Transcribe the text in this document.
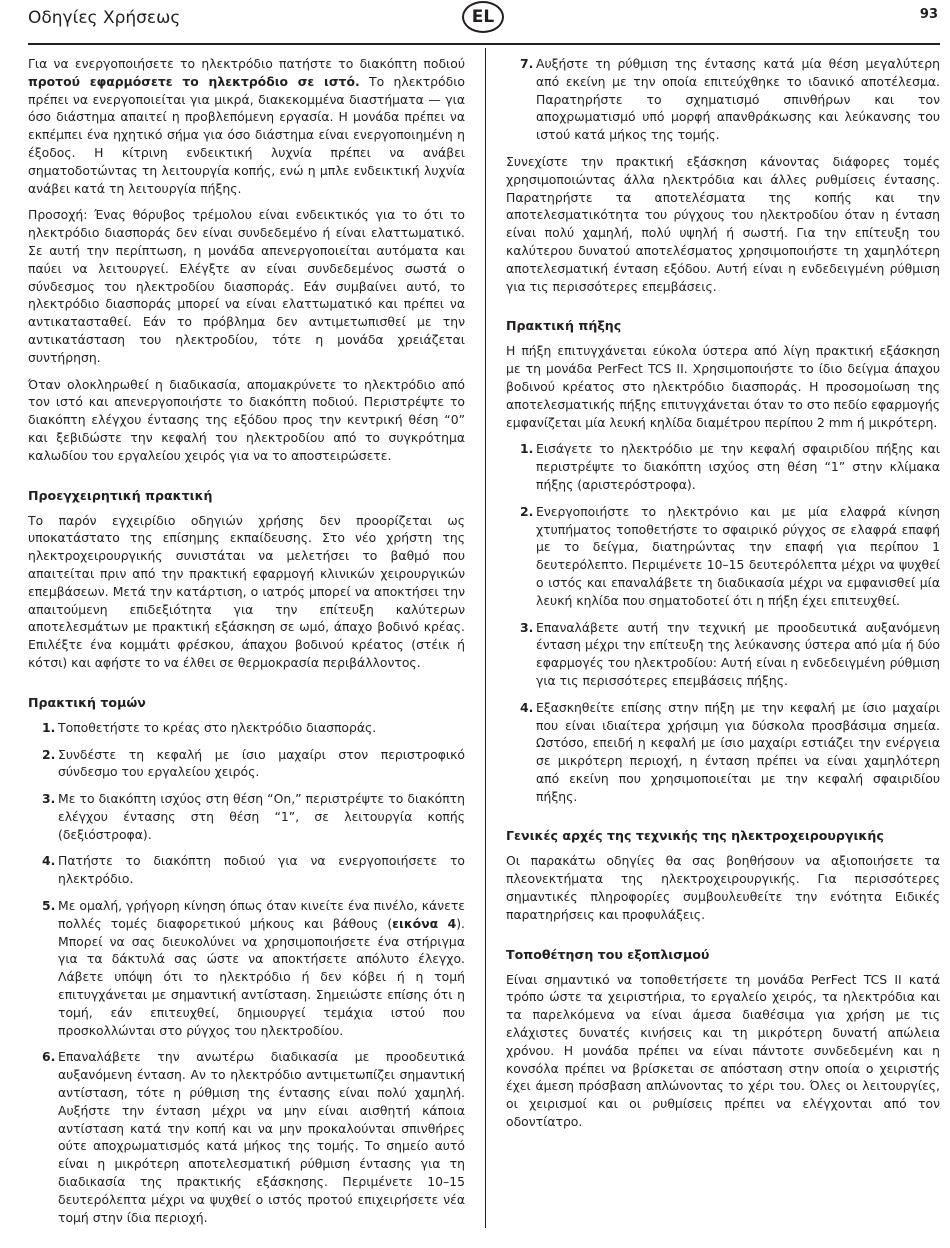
Οδηγίες Χρήσεως	EL	93

Για να ενεργοποιήσετε το ηλεκτρόδιο πατήστε το διακόπτη ποδιού προτού εφαρμόσετε το ηλεκτρόδιο σε ιστό. Το ηλεκτρόδιο πρέπει να ενεργοποιείται για μικρά, διακεκομμένα διαστήματα — για όσο διάστημα απαιτεί η προβλεπόμενη εργασία. Η μονάδα πρέπει να εκπέμπει ένα ηχητικό σήμα για όσο διάστημα είναι ενεργοποιημένη η έξοδος. Η κίτρινη ενδεικτική λυχνία πρέπει να ανάβει σηματοδοτώντας τη λειτουργία κοπής, ενώ η μπλε ενδεικτική λυχνία ανάβει κατά τη λειτουργία πήξης.

Προσοχή: Ένας θόρυβος τρέμολου είναι ενδεικτικός για το ότι το ηλεκτρόδιο διασποράς δεν είναι συνδεδεμένο ή είναι ελαττωματικό. Σε αυτή την περίπτωση, η μονάδα απενεργοποιείται αυτόματα και παύει να λειτουργεί. Ελέγξτε αν είναι συνδεδεμένος σωστά ο σύνδεσμος του ηλεκτροδίου διασποράς. Εάν συμβαίνει αυτό, το ηλεκτρόδιο διασποράς μπορεί να είναι ελαττωματικό και πρέπει να αντικατασταθεί. Εάν το πρόβλημα δεν αντιμετωπισθεί με την αντικατάσταση του ηλεκτροδίου, τότε η μονάδα χρειάζεται συντήρηση.

Όταν ολοκληρωθεί η διαδικασία, απομακρύνετε το ηλεκτρόδιο από τον ιστό και απενεργοποιήστε το διακόπτη ποδιού. Περιστρέψτε το διακόπτη ελέγχου έντασης της εξόδου προς την κεντρική θέση “0” και ξεβιδώστε την κεφαλή του ηλεκτροδίου από το συγκρότημα καλωδίου του εργαλείου χειρός για να το αποστειρώσετε.

Προεγχειρητική πρακτική

Το παρόν εγχειρίδιο οδηγιών χρήσης δεν προορίζεται ως υποκατάστατο της επίσημης εκπαίδευσης. Στο νέο χρήστη της ηλεκτροχειρουργικής συνιστάται να μελετήσει το βαθμό που απαιτείται πριν από την πρακτική εφαρμογή κλινικών χειρουργικών επεμβάσεων. Μετά την κατάρτιση, ο ιατρός μπορεί να αποκτήσει την απαιτούμενη επιδεξιότητα για την επίτευξη καλύτερων αποτελεσμάτων με πρακτική εξάσκηση σε ωμό, άπαχο βοδινό κρέας. Επιλέξτε ένα κομμάτι φρέσκου, άπαχου βοδινού κρέατος (στέικ ή κότσι) και αφήστε το να έλθει σε θερμοκρασία περιβάλλοντος.

Πρακτική τομών
1. Τοποθετήστε το κρέας στο ηλεκτρόδιο διασποράς.
2. Συνδέστε τη κεφαλή με ίσιο μαχαίρι στον περιστροφικό σύνδεσμο του εργαλείου χειρός.
3. Με το διακόπτη ισχύος στη θέση “On,” περιστρέψτε το διακόπτη ελέγχου έντασης στη θέση “1”, σε λειτουργία κοπής (δεξιόστροφα).
4. Πατήστε το διακόπτη ποδιού για να ενεργοποιήσετε το ηλεκτρόδιο.
5. Με ομαλή, γρήγορη κίνηση όπως όταν κινείτε ένα πινέλο, κάνετε πολλές τομές διαφορετικού μήκους και βάθους (εικόνα 4). Μπορεί να σας διευκολύνει να χρησιμοποιήσετε ένα στήριγμα για τα δάκτυλά σας ώστε να αποκτήσετε απόλυτο έλεγχο. Λάβετε υπόψη ότι το ηλεκτρόδιο ή δεν κόβει ή η τομή επιτυγχάνεται με σημαντική αντίσταση. Σημειώστε επίσης ότι η τομή, εάν επιτευχθεί, δημιουργεί τεμάχια ιστού που προσκολλώνται στο ρύγχος του ηλεκτροδίου.
6. Επαναλάβετε την ανωτέρω διαδικασία με προοδευτικά αυξανόμενη ένταση. Αν το ηλεκτρόδιο αντιμετωπίζει σημαντική αντίσταση, τότε η ρύθμιση της έντασης είναι πολύ χαμηλή. Αυξήστε την ένταση μέχρι να μην είναι αισθητή κάποια αντίσταση κατά την κοπή και να μην προκαλούνται σπινθήρες ούτε αποχρωματισμός κατά μήκος της τομής. Το σημείο αυτό είναι η μικρότερη αποτελεσματική ρύθμιση έντασης για τη διαδικασία της πρακτικής εξάσκησης. Περιμένετε 10–15 δευτερόλεπτα μέχρι να ψυχθεί ο ιστός προτού επιχειρήσετε νέα τομή στην ίδια περιοχή.
7. Αυξήστε τη ρύθμιση της έντασης κατά μία θέση μεγαλύτερη από εκείνη με την οποία επιτεύχθηκε το ιδανικό αποτέλεσμα. Παρατηρήστε το σχηματισμό σπινθήρων και τον αποχρωματισμό υπό μορφή απανθράκωσης και λεύκανσης του ιστού κατά μήκος της τομής.

Συνεχίστε την πρακτική εξάσκηση κάνοντας διάφορες τομές χρησιμοποιώντας άλλα ηλεκτρόδια και άλλες ρυθμίσεις έντασης. Παρατηρήστε τα αποτελέσματα της κοπής και την αποτελεσματικότητα του ρύγχους του ηλεκτροδίου όταν η ένταση είναι πολύ χαμηλή, πολύ υψηλή ή σωστή. Για την επίτευξη του καλύτερου δυνατού αποτελέσματος χρησιμοποιήστε τη χαμηλότερη αποτελεσματική ένταση εξόδου. Αυτή είναι η ενδεδειγμένη ρύθμιση για τις περισσότερες επεμβάσεις.

Πρακτική πήξης

Η πήξη επιτυγχάνεται εύκολα ύστερα από λίγη πρακτική εξάσκηση με τη μονάδα PerFect TCS II. Χρησιμοποιήστε το ίδιο δείγμα άπαχου βοδινού κρέατος στο ηλεκτρόδιο διασποράς. Η προσομοίωση της αποτελεσματικής πήξης επιτυγχάνεται όταν το στο πεδίο εφαρμογής εμφανίζεται μία λευκή κηλίδα διαμέτρου περίπου 2 mm ή μικρότερη.

1. Εισάγετε το ηλεκτρόδιο με την κεφαλή σφαιριδίου πήξης και περιστρέψτε το διακόπτη ισχύος στη θέση “1” στην κλίμακα πήξης (αριστερόστροφα).
2. Ενεργοποιήστε το ηλεκτρόνιο και με μία ελαφρά κίνηση χτυπήματος τοποθετήστε το σφαιρικό ρύγχος σε ελαφρά επαφή με το δείγμα, διατηρώντας την επαφή για περίπου 1 δευτερόλεπτο. Περιμένετε 10–15 δευτερόλεπτα μέχρι να ψυχθεί ο ιστός και επαναλάβετε τη διαδικασία μέχρι να εμφανισθεί μία λευκή κηλίδα που σηματοδοτεί ότι η πήξη έχει επιτευχθεί.
3. Επαναλάβετε αυτή την τεχνική με προοδευτικά αυξανόμενη ένταση μέχρι την επίτευξη της λεύκανσης ύστερα από μία ή δύο εφαρμογές του ηλεκτροδίου: Αυτή είναι η ενδεδειγμένη ρύθμιση για τις περισσότερες επεμβάσεις πήξης.
4. Εξασκηθείτε επίσης στην πήξη με την κεφαλή με ίσιο μαχαίρι που είναι ιδιαίτερα χρήσιμη για δύσκολα προσβάσιμα σημεία. Ωστόσο, επειδή η κεφαλή με ίσιο μαχαίρι εστιάζει την ενέργεια σε μικρότερη περιοχή, η ένταση πρέπει να είναι χαμηλότερη από εκείνη που χρησιμοποιείται με την κεφαλή σφαιριδίου πήξης.
Γενικές αρχές της τεχνικής της ηλεκτροχειρουργικής

Οι παρακάτω οδηγίες θα σας βοηθήσουν να αξιοποιήσετε τα πλεονεκτήματα της ηλεκτροχειρουργικής. Για περισσότερες σημαντικές πληροφορίες συμβουλευθείτε την ενότητα Ειδικές παρατηρήσεις και προφυλάξεις.

Τοποθέτηση του εξοπλισμού

Είναι σημαντικό να τοποθετήσετε τη μονάδα PerFect TCS II κατά τρόπο ώστε τα χειριστήρια, το εργαλείο χειρός, τα ηλεκτρόδια και τα παρελκόμενα να είναι άμεσα διαθέσιμα για χρήση με τις ελάχιστες δυνατές κινήσεις και τη μικρότερη δυνατή απώλεια χρόνου. Η μονάδα πρέπει να είναι πάντοτε συνδεδεμένη και η κονσόλα πρέπει να βρίσκεται σε απόσταση στην οποία ο χειριστής έχει άμεση πρόσβαση απλώνοντας το χέρι του. Όλες οι λειτουργίες, οι χειρισμοί και οι ρυθμίσεις πρέπει να ελέγχονται από τον οδοντίατρο.
